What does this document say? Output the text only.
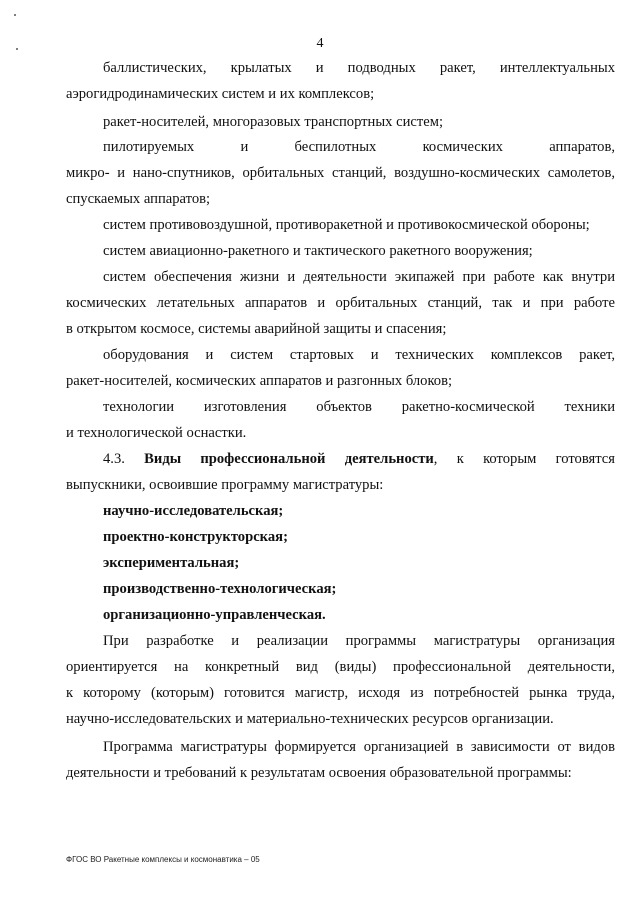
4
баллистических, крылатых и подводных ракет, интеллектуальных
аэрогидродинамических систем и их комплексов;
ракет-носителей, многоразовых транспортных систем;
пилотируемых и беспилотных космических аппаратов,
микро- и нано-спутников, орбитальных станций, воздушно-космических самолетов,
спускаемых аппаратов;
систем противовоздушной, противоракетной и противокосмической обороны;
систем авиационно-ракетного и тактического ракетного вооружения;
систем обеспечения жизни и деятельности экипажей при работе как внутри
космических летательных аппаратов и орбитальных станций, так и при работе
в открытом космосе, системы аварийной защиты и спасения;
оборудования и систем стартовых и технических комплексов ракет,
ракет-носителей, космических аппаратов и разгонных блоков;
технологии изготовления объектов ракетно-космической техники
и технологической оснастки.
4.3. Виды профессиональной деятельности, к которым готовятся
выпускники, освоившие программу магистратуры:
научно-исследовательская;
проектно-конструкторская;
экспериментальная;
производственно-технологическая;
организационно-управленческая.
При разработке и реализации программы магистратуры организация
ориентируется на конкретный вид (виды) профессиональной деятельности,
к которому (которым) готовится магистр, исходя из потребностей рынка труда,
научно-исследовательских и материально-технических ресурсов организации.
Программа магистратуры формируется организацией в зависимости от видов
деятельности и требований к результатам освоения образовательной программы:
ФГОС ВО Ракетные комплексы и космонавтика – 05
